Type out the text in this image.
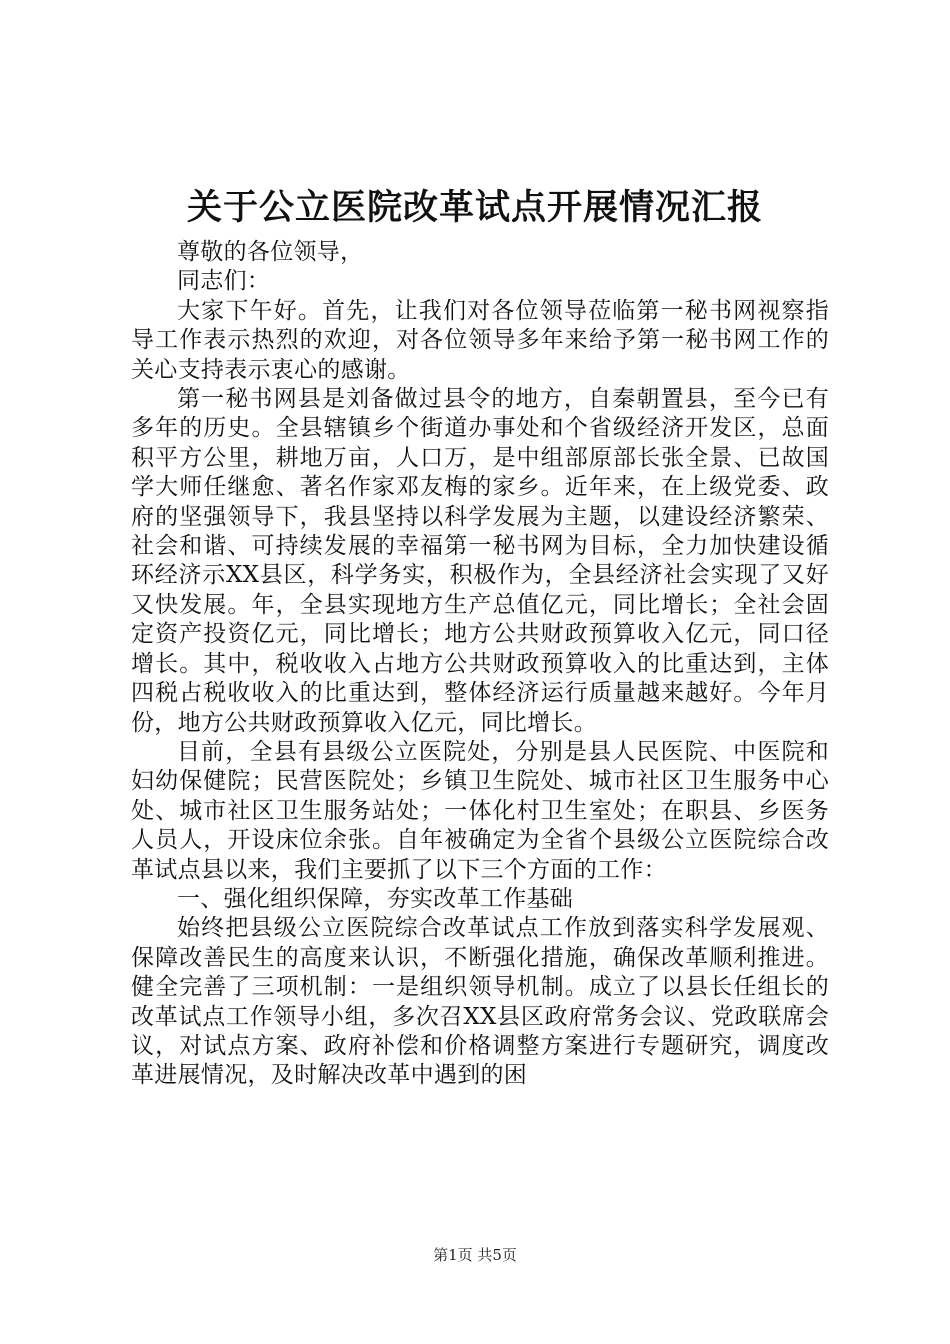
关于公立医院改革试点开展情况汇报

尊敬的各位领导，

同志们：

大家下午好。首先，让我们对各位领导莅临第一秘书网视察指导工作表示热烈的欢迎，对各位领导多年来给予第一秘书网工作的关心支持表示衷心的感谢。

第一秘书网县是刘备做过县令的地方，自秦朝置县，至今已有多年的历史。全县辖镇乡个街道办事处和个省级经济开发区，总面积平方公里，耕地万亩，人口万，是中组部原部长张全景、已故国学大师任继愈、著名作家邓友梅的家乡。近年来，在上级党委、政府的坚强领导下，我县坚持以科学发展为主题，以建设经济繁荣、社会和谐、可持续发展的幸福第一秘书网为目标，全力加快建设循环经济示XX县区，科学务实，积极作为，全县经济社会实现了又好又快发展。年，全县实现地方生产总值亿元，同比增长；全社会固定资产投资亿元，同比增长；地方公共财政预算收入亿元，同口径增长。其中，税收收入占地方公共财政预算收入的比重达到，主体四税占税收收入的比重达到，整体经济运行质量越来越好。今年月份，地方公共财政预算收入亿元，同比增长。

目前，全县有县级公立医院处，分别是县人民医院、中医院和妇幼保健院；民营医院处；乡镇卫生院处、城市社区卫生服务中心处、城市社区卫生服务站处；一体化村卫生室处；在职县、乡医务人员人，开设床位余张。自年被确定为全省个县级公立医院综合改革试点县以来，我们主要抓了以下三个方面的工作：

一、强化组织保障，夯实改革工作基础

始终把县级公立医院综合改革试点工作放到落实科学发展观、保障改善民生的高度来认识，不断强化措施，确保改革顺利推进。健全完善了三项机制：一是组织领导机制。成立了以县长任组长的改革试点工作领导小组，多次召XX县区政府常务会议、党政联席会议，对试点方案、政府补偿和价格调整方案进行专题研究，调度改革进展情况，及时解决改革中遇到的困

第1页 共5页
